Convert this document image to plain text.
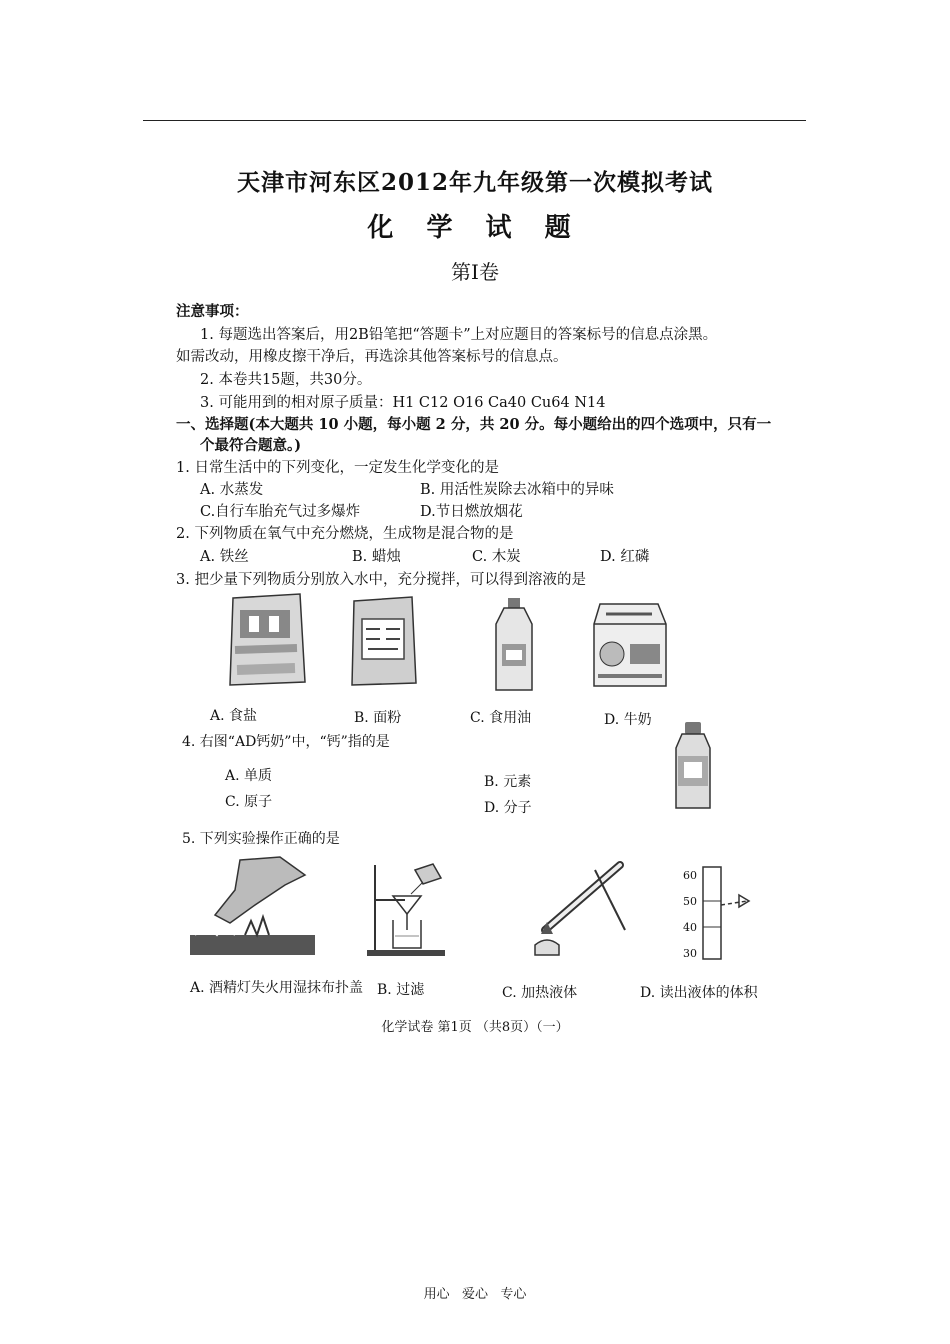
天津市河东区2012年九年级第一次模拟考试
化 学 试 题
第Ⅰ卷
注意事项：
1. 每题选出答案后，用2B铅笔把“答题卡”上对应题目的答案标号的信息点涂黑。
如需改动，用橡皮擦干净后，再选涂其他答案标号的信息点。
2. 本卷共15题，共30分。
3. 可能用到的相对原子质量：H1 C12 O16 Ca40 Cu64 N14
一、选择题(本大题共 10 小题，每小题 2 分，共 20 分。每小题给出的四个选项中，只有一
个最符合题意。)
1. 日常生活中的下列变化，一定发生化学变化的是
A. 水蒸发	B. 用活性炭除去冰箱中的异味
C.自行车胎充气过多爆炸	D.节日燃放烟花
2. 下列物质在氧气中充分燃烧，生成物是混合物的是
A. 铁丝	B. 蜡烛	C. 木炭	D. 红磷
3. 把少量下列物质分别放入水中，充分搅拌，可以得到溶液的是
A. 食盐	B. 面粉	C. 食用油	D. 牛奶
4. 右图“AD钙奶”中，“钙”指的是
A. 单质	B. 元素
C. 原子	D. 分子
5. 下列实验操作正确的是
60
50
40
30
A. 酒精灯失火用湿抹布扑盖 B. 过滤	C. 加热液体	D. 读出液体的体积
化学试卷 第1页 （共8页）（一）
用心   爱心   专心
